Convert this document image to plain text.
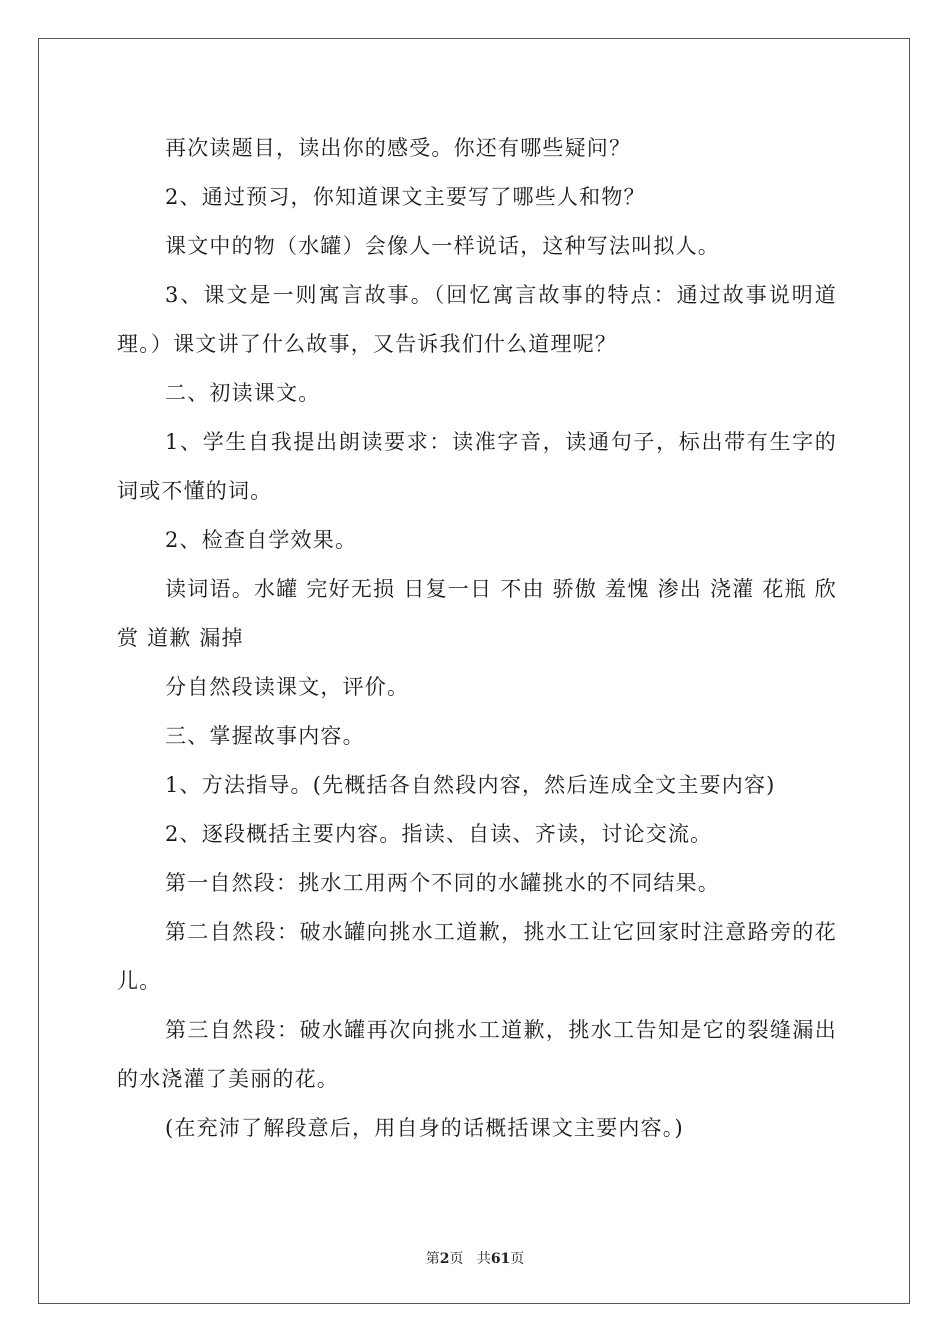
再次读题目，读出你的感受。你还有哪些疑问？

2、通过预习，你知道课文主要写了哪些人和物？

课文中的物（水罐）会像人一样说话，这种写法叫拟人。

3、课文是一则寓言故事。（回忆寓言故事的特点：通过故事说明道理。）课文讲了什么故事，又告诉我们什么道理呢？

二、初读课文。

1、学生自我提出朗读要求：读准字音，读通句子，标出带有生字的词或不懂的词。

2、检查自学效果。

读词语。水罐 完好无损 日复一日 不由 骄傲 羞愧 渗出 浇灌 花瓶 欣赏 道歉 漏掉

分自然段读课文，评价。

三、掌握故事内容。

1、方法指导。(先概括各自然段内容，然后连成全文主要内容)

2、逐段概括主要内容。指读、自读、齐读，讨论交流。

第一自然段：挑水工用两个不同的水罐挑水的不同结果。

第二自然段：破水罐向挑水工道歉，挑水工让它回家时注意路旁的花儿。

第三自然段：破水罐再次向挑水工道歉，挑水工告知是它的裂缝漏出的水浇灌了美丽的花。

(在充沛了解段意后，用自身的话概括课文主要内容。)

第2页 共61页
